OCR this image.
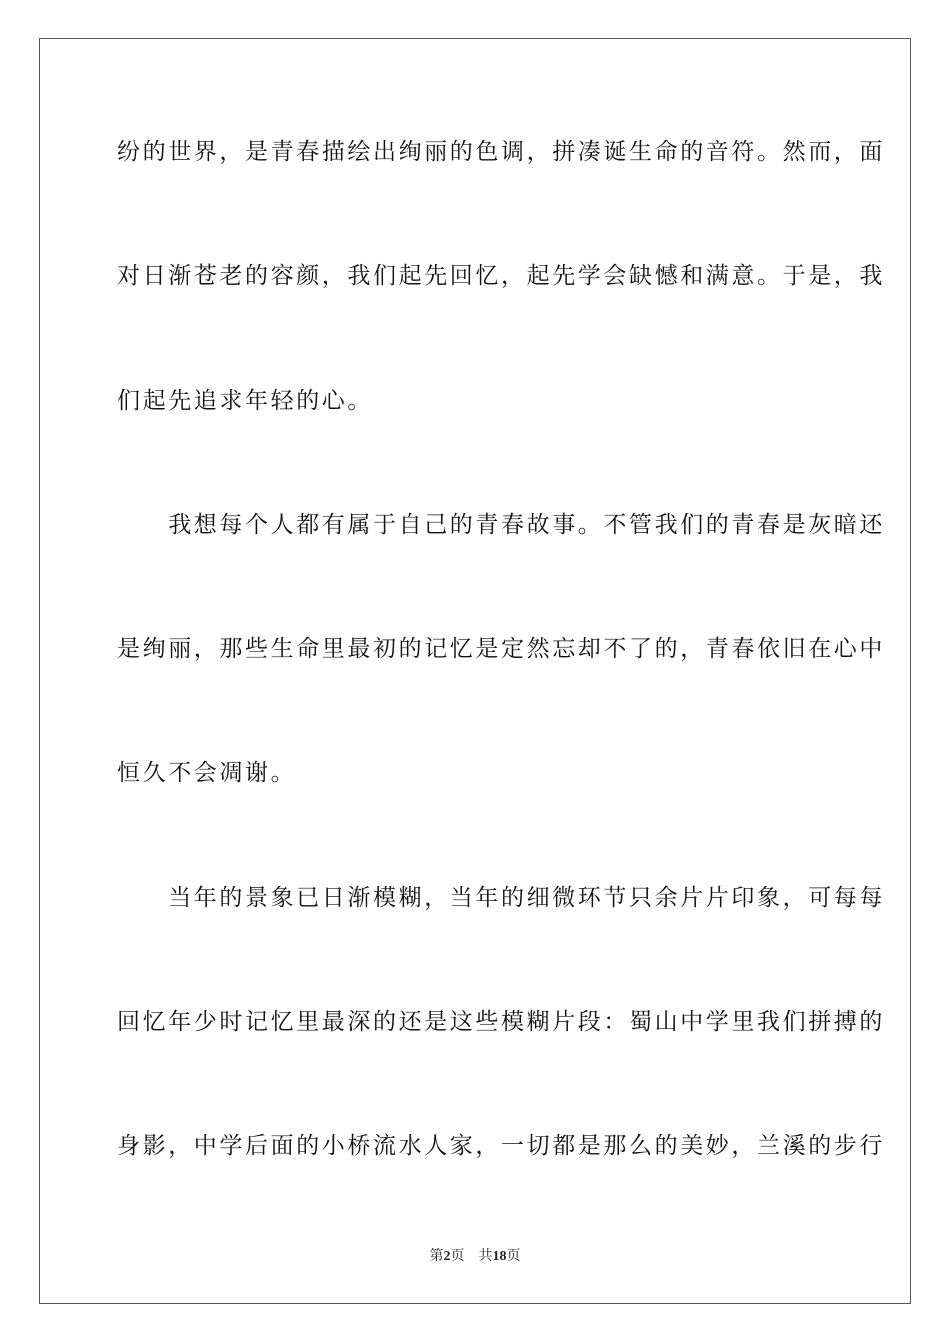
纷的世界，是青春描绘出绚丽的色调，拼凑诞生命的音符。然而，面
对日渐苍老的容颜，我们起先回忆，起先学会缺憾和满意。于是，我
们起先追求年轻的心。
　　我想每个人都有属于自己的青春故事。不管我们的青春是灰暗还
是绚丽，那些生命里最初的记忆是定然忘却不了的，青春依旧在心中
恒久不会凋谢。
　　当年的景象已日渐模糊，当年的细微环节只余片片印象，可每每
回忆年少时记忆里最深的还是这些模糊片段：蜀山中学里我们拼搏的
身影，中学后面的小桥流水人家，一切都是那么的美妙，兰溪的步行
第2页　共18页
